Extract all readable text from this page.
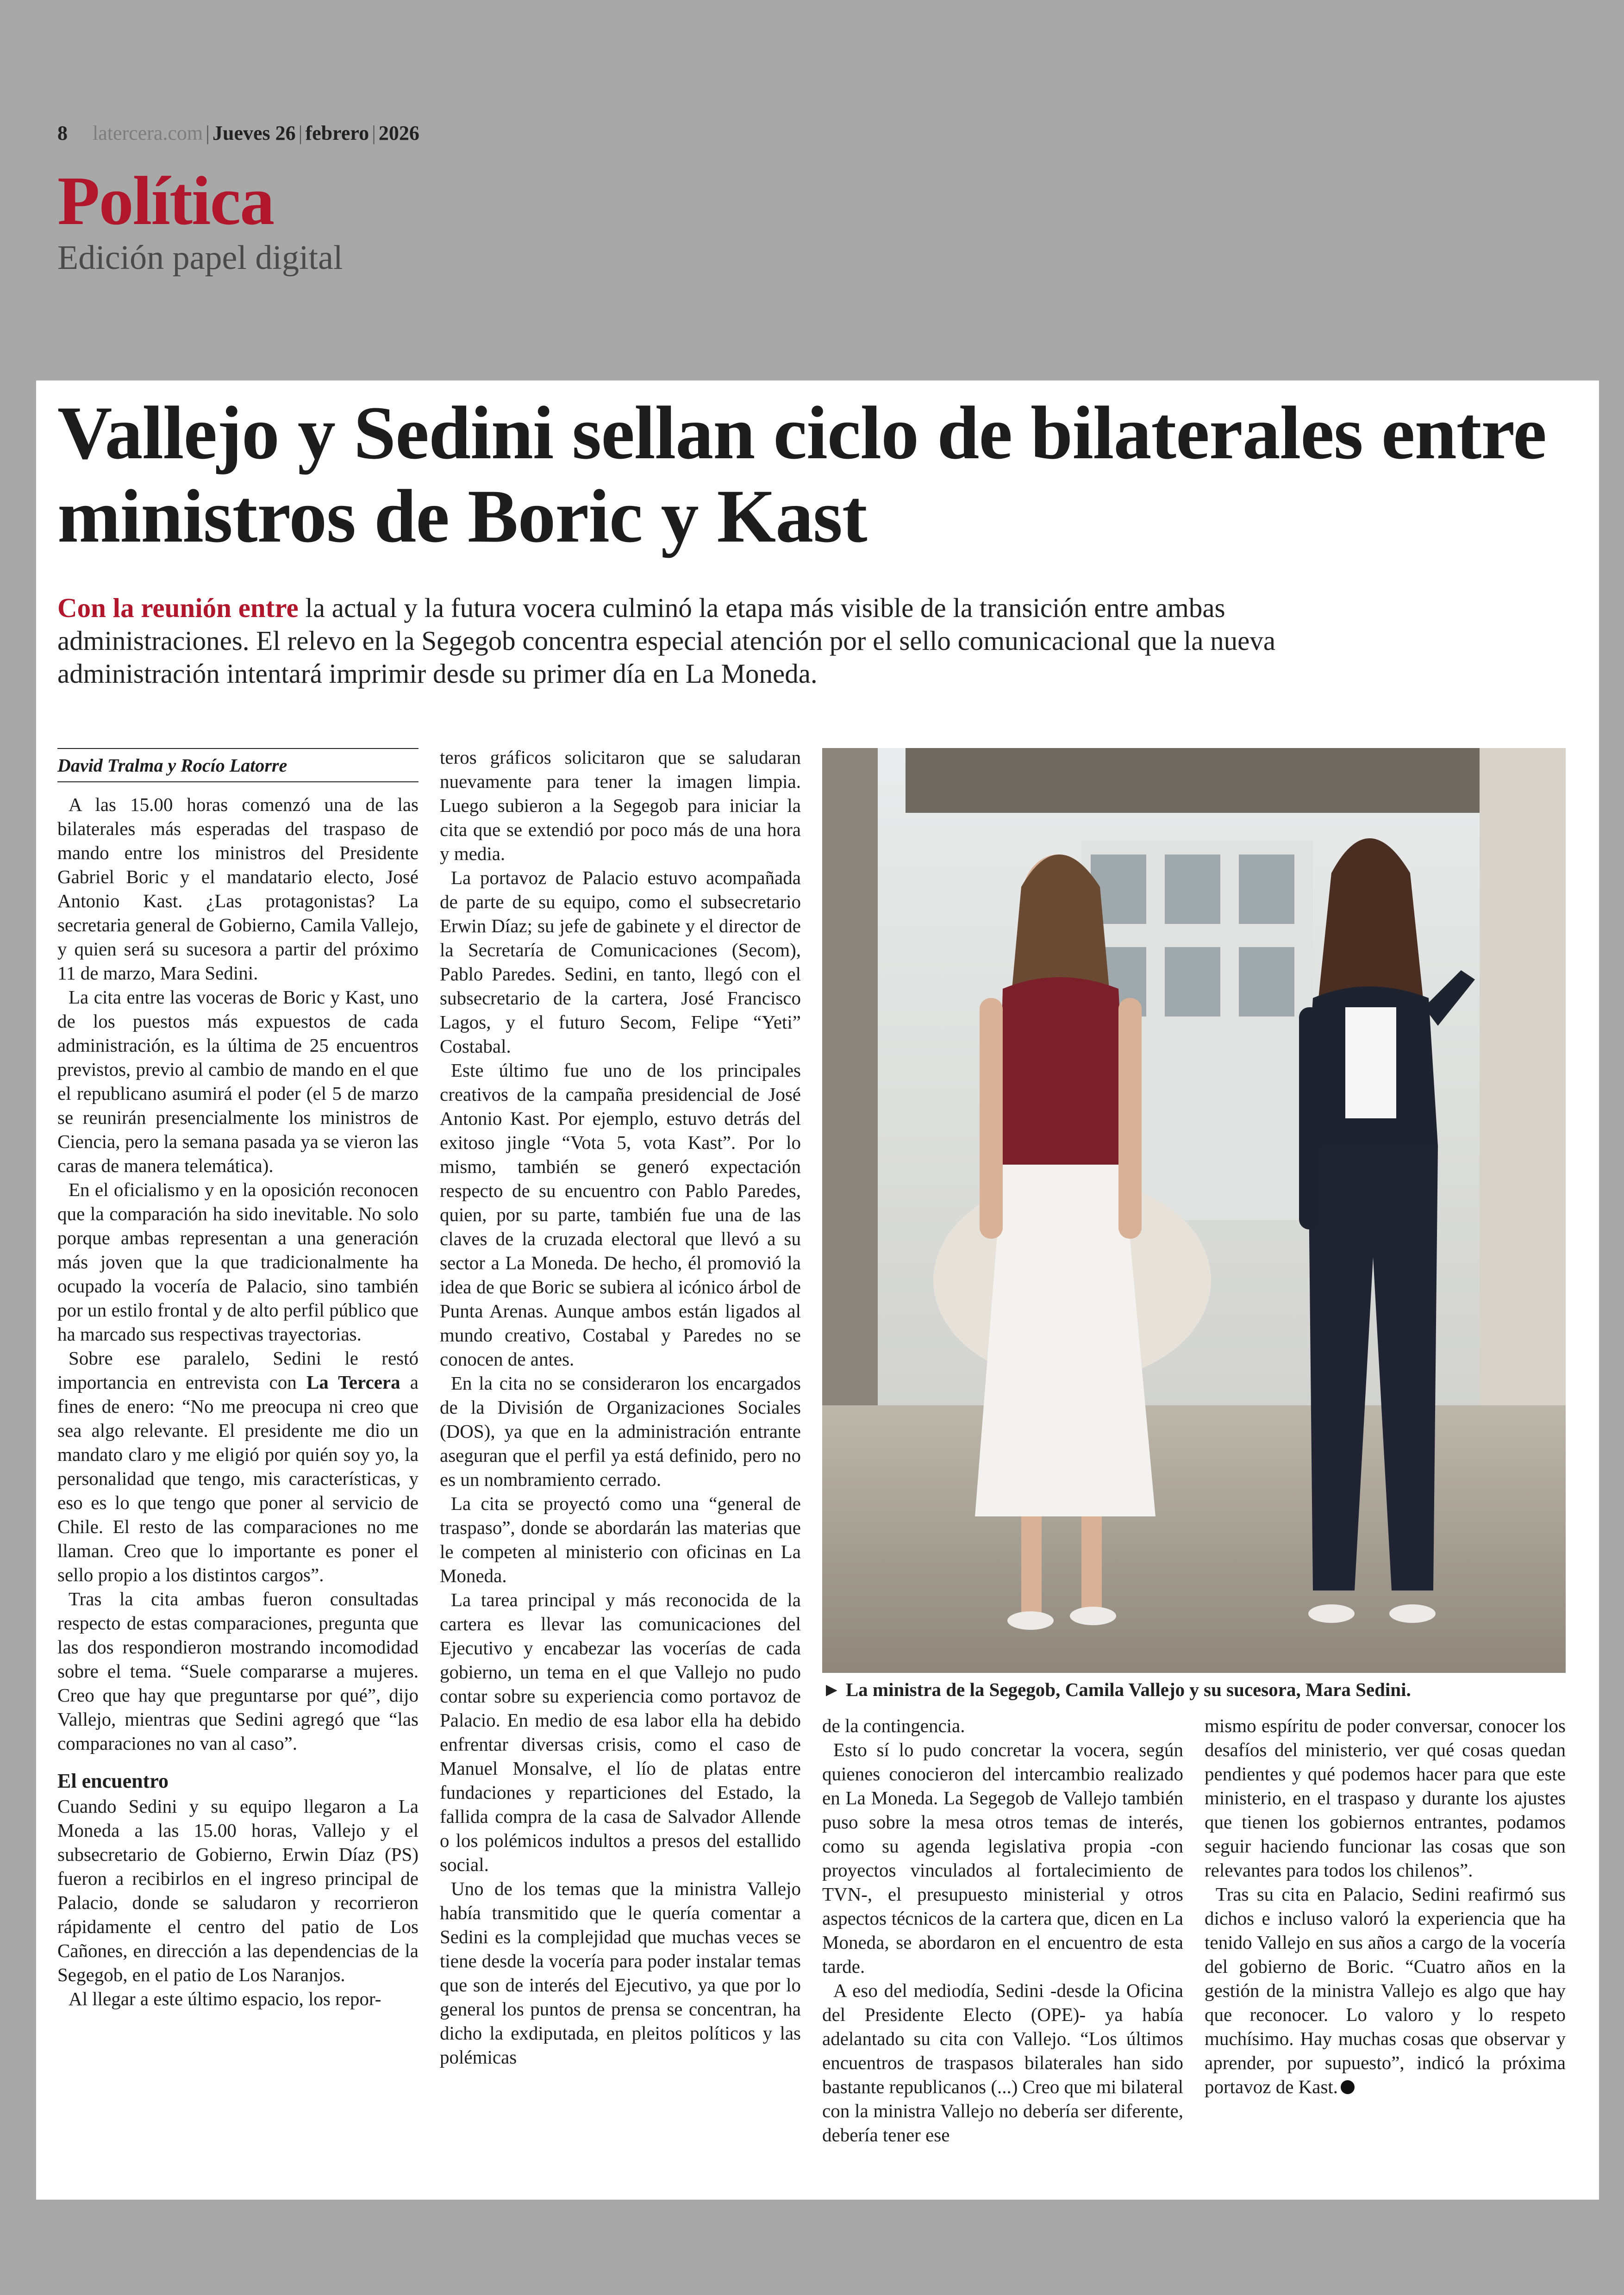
8 latercera.com | Jueves 26 | febrero | 2026
Política
Edición papel digital
Vallejo y Sedini sellan ciclo de bilaterales entre ministros de Boric y Kast

Con la reunión entre la actual y la futura vocera culminó la etapa más visible de la transición entre ambas administraciones. El relevo en la Segegob concentra especial atención por el sello comunicacional que la nueva administración intentará imprimir desde su primer día en La Moneda.

David Tralma y Rocío Latorre

A las 15.00 horas comenzó una de las bilaterales más esperadas del traspaso de mando entre los ministros del Presidente Gabriel Boric y el mandatario electo, José Antonio Kast. ¿Las protagonistas? La secretaria general de Gobierno, Camila Vallejo, y quien será su sucesora a partir del próximo 11 de marzo, Mara Sedini.

La cita entre las voceras de Boric y Kast, uno de los puestos más expuestos de cada administración, es la última de 25 encuentros previstos, previo al cambio de mando en el que el republicano asumirá el poder (el 5 de marzo se reunirán presencialmente los ministros de Ciencia, pero la semana pasada ya se vieron las caras de manera telemática).

En el oficialismo y en la oposición reconocen que la comparación ha sido inevitable. No solo porque ambas representan a una generación más joven que la que tradicionalmente ha ocupado la vocería de Palacio, sino también por un estilo frontal y de alto perfil público que ha marcado sus respectivas trayectorias.

Sobre ese paralelo, Sedini le restó importancia en entrevista con La Tercera a fines de enero: “No me preocupa ni creo que sea algo relevante. El presidente me dio un mandato claro y me eligió por quién soy yo, la personalidad que tengo, mis características, y eso es lo que tengo que poner al servicio de Chile. El resto de las comparaciones no me llaman. Creo que lo importante es poner el sello propio a los distintos cargos”.

Tras la cita ambas fueron consultadas respecto de estas comparaciones, pregunta que las dos respondieron mostrando incomodidad sobre el tema. “Suele compararse a mujeres. Creo que hay que preguntarse por qué”, dijo Vallejo, mientras que Sedini agregó que “las comparaciones no van al caso”.

El encuentro

Cuando Sedini y su equipo llegaron a La Moneda a las 15.00 horas, Vallejo y el subsecretario de Gobierno, Erwin Díaz (PS) fueron a recibirlos en el ingreso principal de Palacio, donde se saludaron y recorrieron rápidamente el centro del patio de Los Cañones, en dirección a las dependencias de la Segegob, en el patio de Los Naranjos.

Al llegar a este último espacio, los repor-

teros gráficos solicitaron que se saludaran nuevamente para tener la imagen limpia. Luego subieron a la Segegob para iniciar la cita que se extendió por poco más de una hora y media.

La portavoz de Palacio estuvo acompañada de parte de su equipo, como el subsecretario Erwin Díaz; su jefe de gabinete y el director de la Secretaría de Comunicaciones (Secom), Pablo Paredes. Sedini, en tanto, llegó con el subsecretario de la cartera, José Francisco Lagos, y el futuro Secom, Felipe “Yeti” Costabal.

Este último fue uno de los principales creativos de la campaña presidencial de José Antonio Kast. Por ejemplo, estuvo detrás del exitoso jingle “Vota 5, vota Kast”. Por lo mismo, también se generó expectación respecto de su encuentro con Pablo Paredes, quien, por su parte, también fue una de las claves de la cruzada electoral que llevó a su sector a La Moneda. De hecho, él promovió la idea de que Boric se subiera al icónico árbol de Punta Arenas. Aunque ambos están ligados al mundo creativo, Costabal y Paredes no se conocen de antes.

En la cita no se consideraron los encargados de la División de Organizaciones Sociales (DOS), ya que en la administración entrante aseguran que el perfil ya está definido, pero no es un nombramiento cerrado.

La cita se proyectó como una “general de traspaso”, donde se abordarán las materias que le competen al ministerio con oficinas en La Moneda.

La tarea principal y más reconocida de la cartera es llevar las comunicaciones del Ejecutivo y encabezar las vocerías de cada gobierno, un tema en el que Vallejo no pudo contar sobre su experiencia como portavoz de Palacio. En medio de esa labor ella ha debido enfrentar diversas crisis, como el caso de Manuel Monsalve, el lío de platas entre fundaciones y reparticiones del Estado, la fallida compra de la casa de Salvador Allende o los polémicos indultos a presos del estallido social.

Uno de los temas que la ministra Vallejo había transmitido que le quería comentar a Sedini es la complejidad que muchas veces se tiene desde la vocería para poder instalar temas que son de interés del Ejecutivo, ya que por lo general los puntos de prensa se concentran, ha dicho la exdiputada, en pleitos políticos y las polémicas

► La ministra de la Segegob, Camila Vallejo y su sucesora, Mara Sedini.

de la contingencia.

Esto sí lo pudo concretar la vocera, según quienes conocieron del intercambio realizado en La Moneda. La Segegob de Vallejo también puso sobre la mesa otros temas de interés, como su agenda legislativa propia -con proyectos vinculados al fortalecimiento de TVN-, el presupuesto ministerial y otros aspectos técnicos de la cartera que, dicen en La Moneda, se abordaron en el encuentro de esta tarde.

A eso del mediodía, Sedini -desde la Oficina del Presidente Electo (OPE)- ya había adelantado su cita con Vallejo. “Los últimos encuentros de traspasos bilaterales han sido bastante republicanos (...) Creo que mi bilateral con la ministra Vallejo no debería ser diferente, debería tener ese

mismo espíritu de poder conversar, conocer los desafíos del ministerio, ver qué cosas quedan pendientes y qué podemos hacer para que este ministerio, en el traspaso y durante los ajustes que tienen los gobiernos entrantes, podamos seguir haciendo funcionar las cosas que son relevantes para todos los chilenos”.

Tras su cita en Palacio, Sedini reafirmó sus dichos e incluso valoró la experiencia que ha tenido Vallejo en sus años a cargo de la vocería del gobierno de Boric. “Cuatro años en la gestión de la ministra Vallejo es algo que hay que reconocer. Lo valoro y lo respeto muchísimo. Hay muchas cosas que observar y aprender, por supuesto”, indicó la próxima portavoz de Kast.
